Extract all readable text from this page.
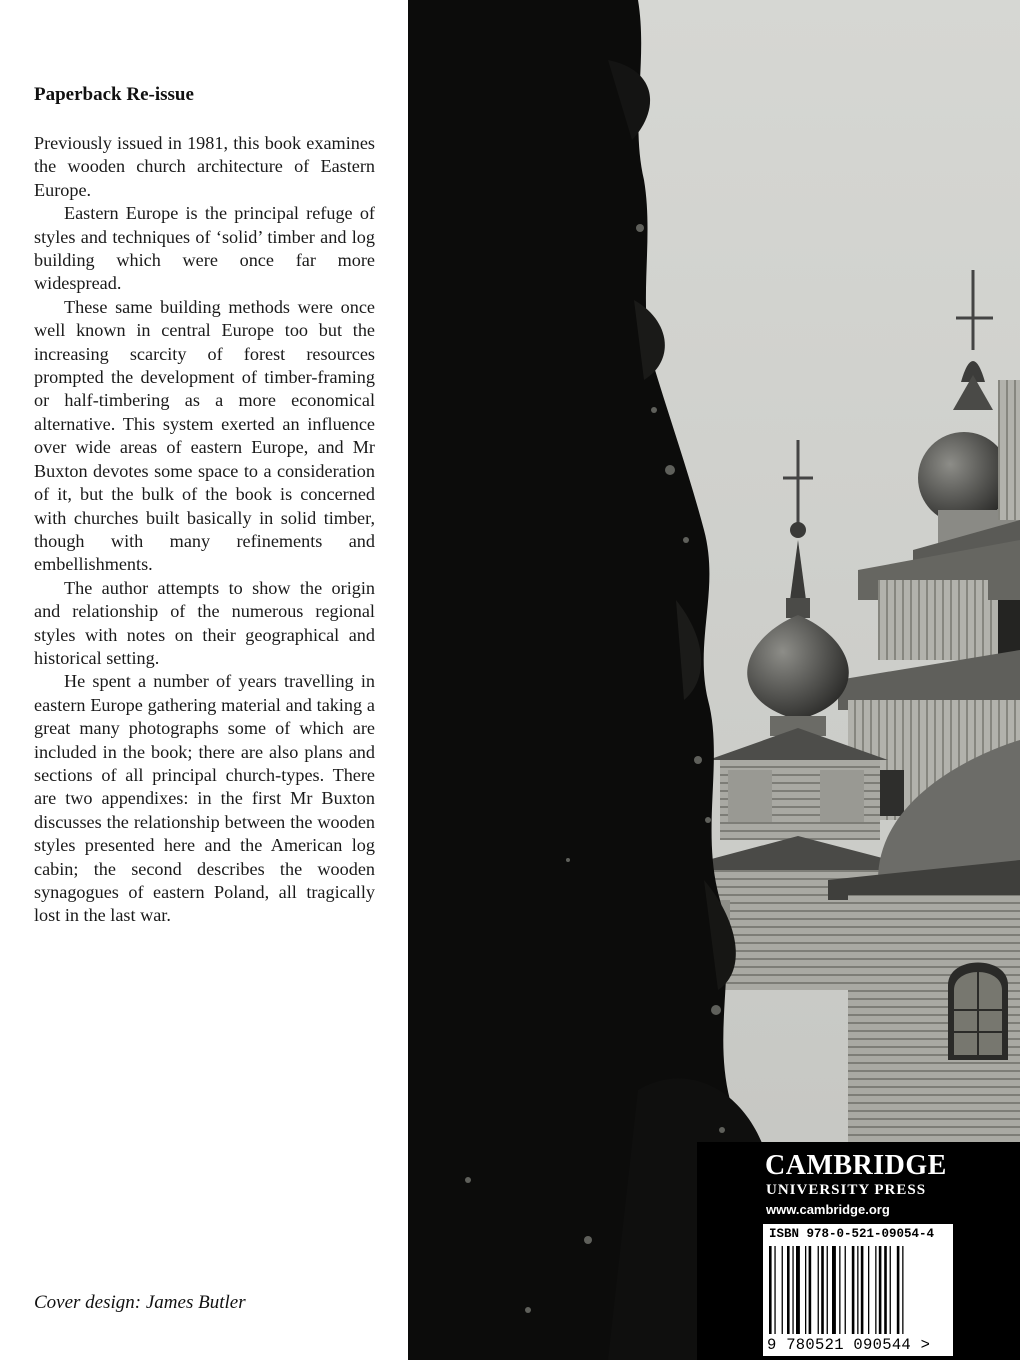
Paperback Re-issue

Previously issued in 1981, this book examines the wooden church architecture of Eastern Europe.

Eastern Europe is the principal refuge of styles and techniques of ‘solid’ timber and log building which were once far more widespread.

These same building methods were once well known in central Europe too but the increasing scarcity of forest resources prompted the development of timber-framing or half-timbering as a more economical alternative. This system exerted an influence over wide areas of eastern Europe, and Mr Buxton devotes some space to a consideration of it, but the bulk of the book is concerned with churches built basically in solid timber, though with many refinements and embellishments.

The author attempts to show the origin and relationship of the numerous regional styles with notes on their geographical and historical setting.

He spent a number of years travelling in eastern Europe gathering material and taking a great many photographs some of which are included in the book; there are also plans and sections of all principal church-types. There are two appendixes: in the first Mr Buxton discusses the relationship between the wooden styles presented here and the American log cabin; the second describes the wooden synagogues of eastern Poland, all tragically lost in the last war.

Cover design: James Butler
CAMBRIDGE
UNIVERSITY PRESS
www.cambridge.org
ISBN 978-0-521-09054-4
9 780521 090544 >
